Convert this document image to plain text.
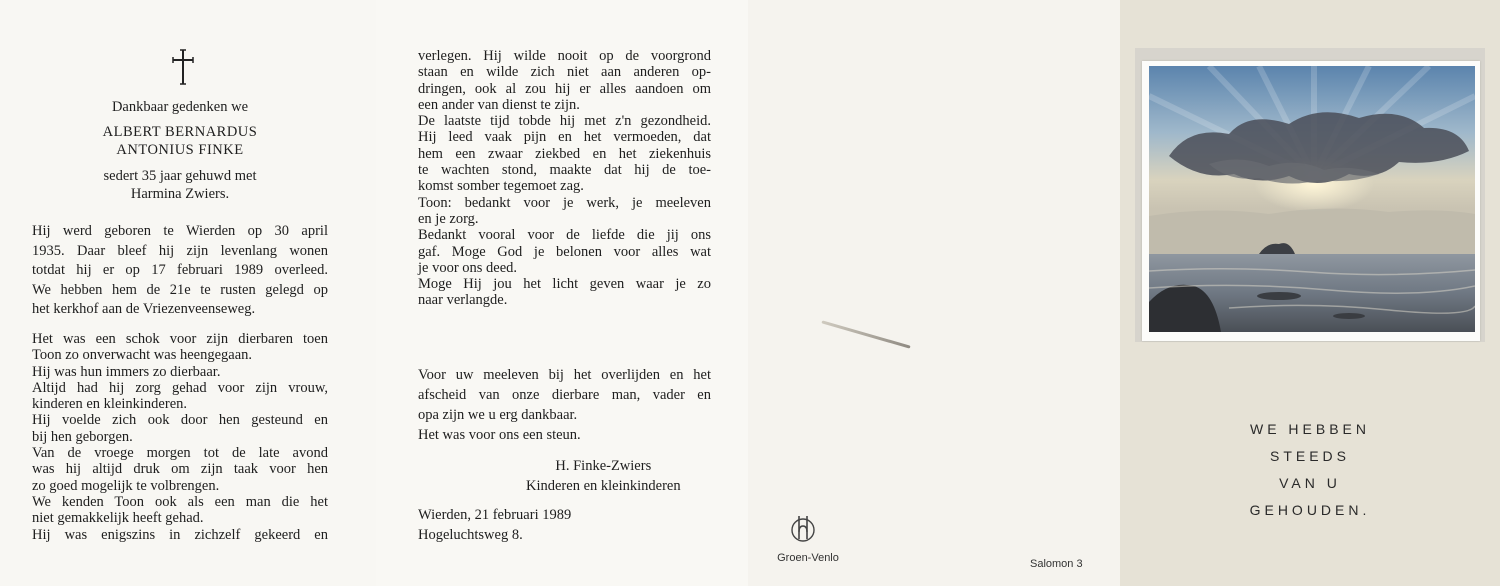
Dankbaar gedenken we
ALBERT BERNARDUS
ANTONIUS FINKE
sedert 35 jaar gehuwd met
Harmina Zwiers.
Hij werd geboren te Wierden op 30 april
1935. Daar bleef hij zijn levenlang wonen
totdat hij er op 17 februari 1989 overleed.
We hebben hem de 21e te rusten gelegd op
het kerkhof aan de Vriezenveenseweg.
Het was een schok voor zijn dierbaren toen
Toon zo onverwacht was heengegaan.
Hij was hun immers zo dierbaar.
Altijd had hij zorg gehad voor zijn vrouw,
kinderen en kleinkinderen.
Hij voelde zich ook door hen gesteund en
bij hen geborgen.
Van de vroege morgen tot de late avond
was hij altijd druk om zijn taak voor hen
zo goed mogelijk te volbrengen.
We kenden Toon ook als een man die het
niet gemakkelijk heeft gehad.
Hij was enigszins in zichzelf gekeerd en
verlegen. Hij wilde nooit op de voorgrond
staan en wilde zich niet aan anderen op-
dringen, ook al zou hij er alles aandoen om
een ander van dienst te zijn.
De laatste tijd tobde hij met z'n gezondheid.
Hij leed vaak pijn en het vermoeden, dat
hem een zwaar ziekbed en het ziekenhuis
te wachten stond, maakte dat hij de toe-
komst somber tegemoet zag.
Toon: bedankt voor je werk, je meeleven
en je zorg.
Bedankt vooral voor de liefde die jij ons
gaf. Moge God je belonen voor alles wat
je voor ons deed.
Moge Hij jou het licht geven waar je zo
naar verlangde.
Voor uw meeleven bij het overlijden en het
afscheid van onze dierbare man, vader en
opa zijn we u erg dankbaar.
Het was voor ons een steun.
H. Finke-Zwiers
Kinderen en kleinkinderen
Wierden, 21 februari 1989
Hogeluchtsweg 8.
Groen-Venlo	Salomon 3
WE HEBBEN
STEEDS
VAN U
GEHOUDEN.
